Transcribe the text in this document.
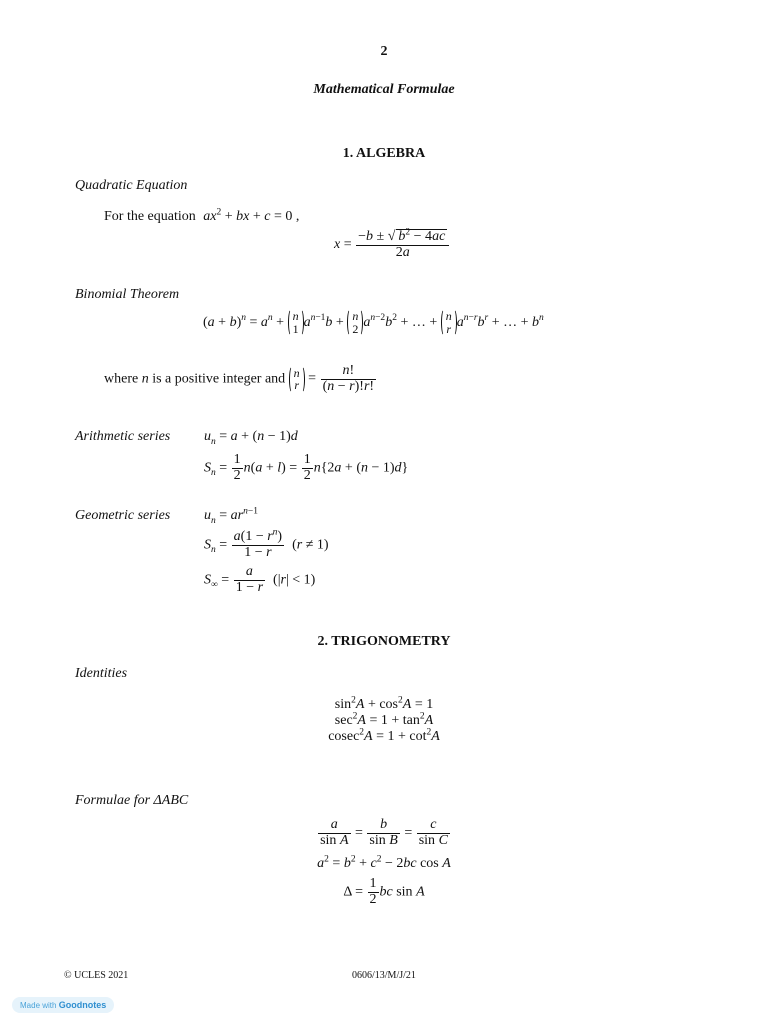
2
Mathematical Formulae
1. ALGEBRA
Quadratic Equation
For the equation $ax^2$ + bx + c = 0 ,
$x = \frac{-b \pm √ b^2 - 4ac}{2a}$
Binomial Theorem
$(a + b)^n = a^n + n$
1 $a^{n-1}b + n$
2 $a^{n-2}b^2$ + … + n
r $a^{n-r}b^r$ + … + $b^n$
where n is a positive integer and n
$r = \frac{n!}{(n - r)!r!}$
Arithmetic series $u_n = a + (n - 1)d$
$S_n = \frac{1}{2} n(a + l) = \frac{1}{2} n\{2a + (n - 1)d\}$
Geometric series $u_n = ar^{n-1}$
$S_n = \frac{a(1 - r^n)}{1 - r} (r \ne 1)$
$S_\infty = \frac{a}{1 - r} (|r| < 1)$
2. TRIGONOMETRY
Identities
$\sin^2A + \cos^2A = 1$
$\sec^2A = 1 + \tan^2A$
$cosec^2A = 1 + \cot^2A$
Formulae for ΔABC
$\frac{a}{\text{sin A}} = \frac{b}{\text{sin B}} = \frac{c}{\text{sin C}}$
$a^2 = b^2 + c^2 - 2bc$ cos A
$\Delta = \frac{1}{2}$ bc sin A
© UCLES 2021	0606/13/M/J/21
Made with Goodnotes
